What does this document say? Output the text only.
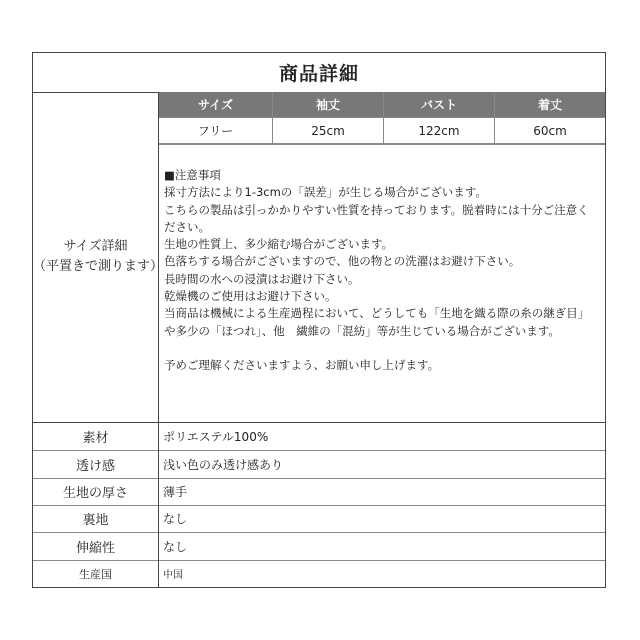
商品詳細
サイズ詳細
（平置きで測ります）
サイズ	袖丈	バスト	着丈
フリー	25cm	122cm	60cm
■注意事項
採寸方法により1-3cmの「誤差」が生じる場合がございます。
こちらの製品は引っかかりやすい性質を持っております。脱着時には十分ご注意ください。
生地の性質上、多少縮む場合がございます。
色落ちする場合がございますので、他の物との洗濯はお避け下さい。
長時間の水への浸漬はお避け下さい。
乾燥機のご使用はお避け下さい。
当商品は機械による生産過程において、どうしても「生地を織る際の糸の継ぎ目」
や多少の「ほつれ」、他　繊維の「混紡」等が生じている場合がございます。
予めご理解くださいますよう、お願い申し上げます。
素材	ポリエステル100%
透け感	浅い色のみ透け感あり
生地の厚さ	薄手
裏地	なし
伸縮性	なし
生産国	中国
